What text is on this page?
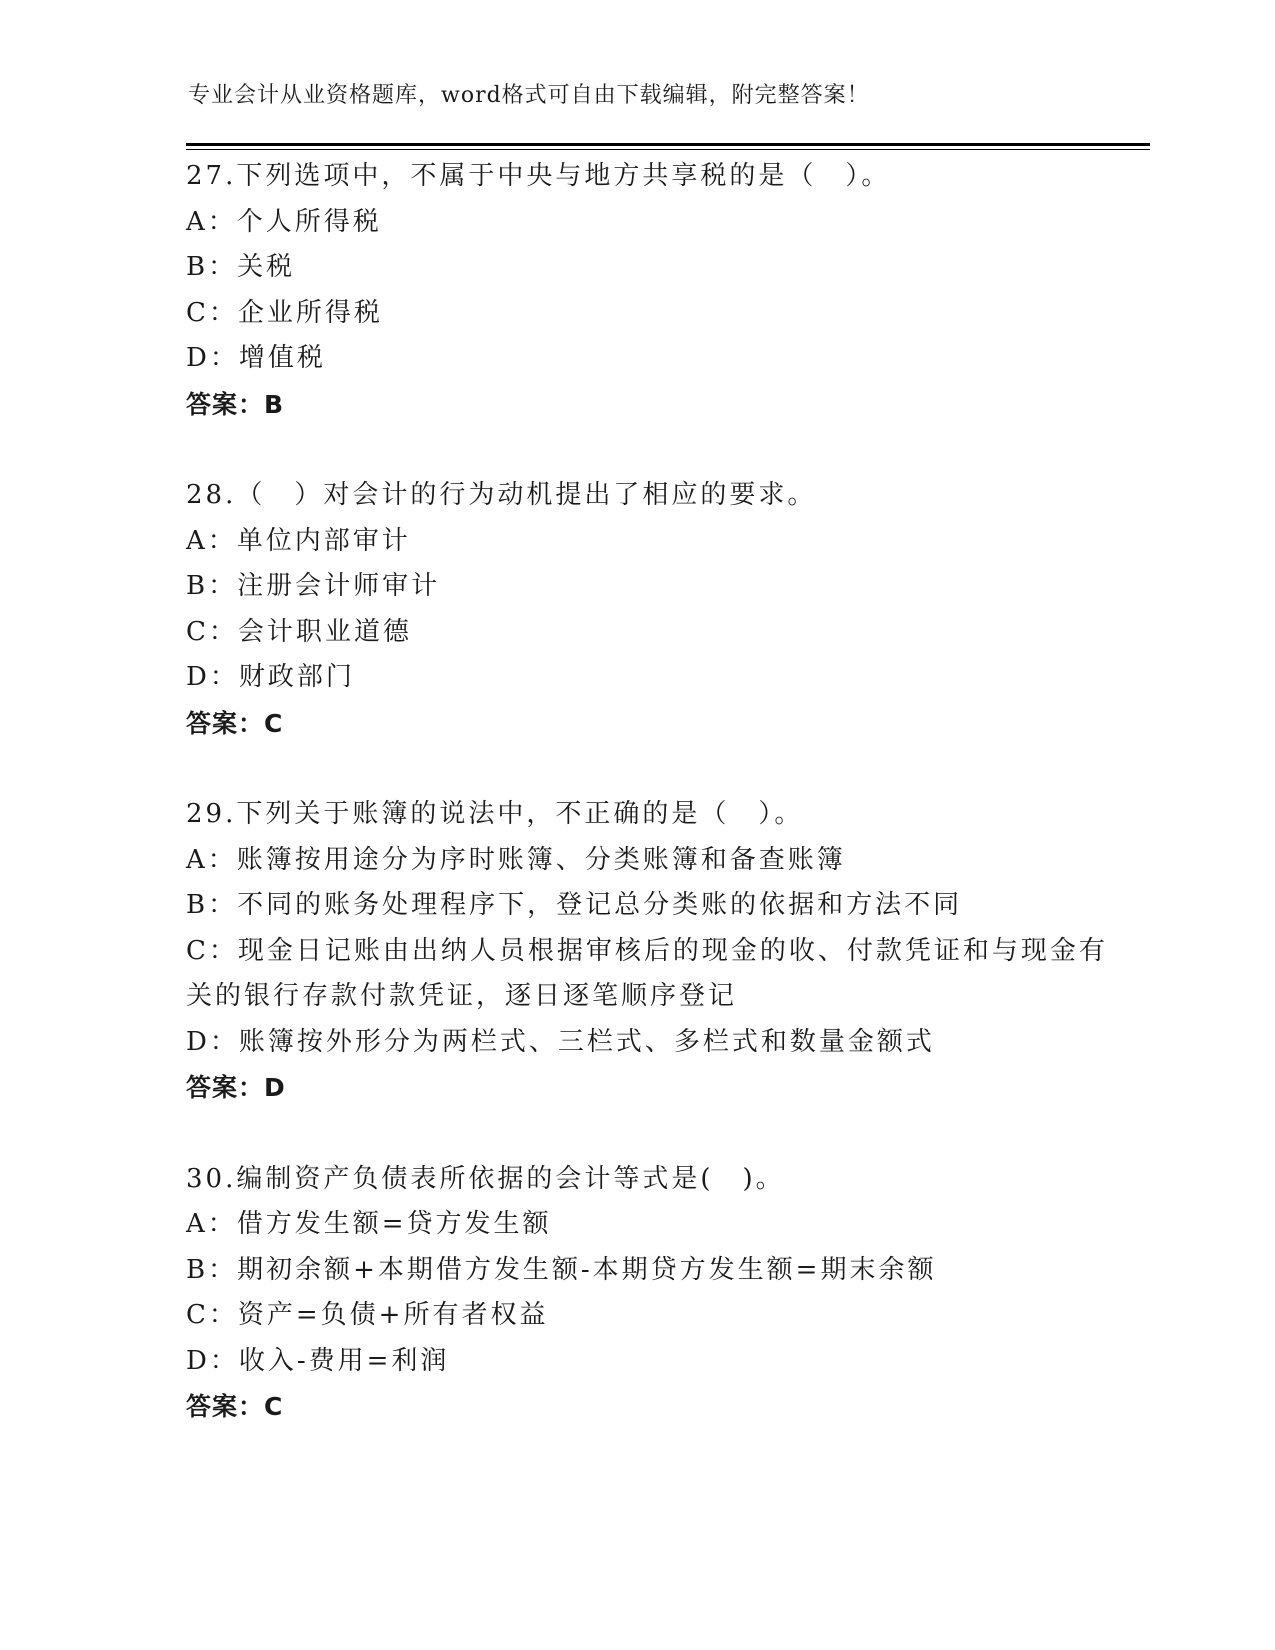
专业会计从业资格题库，word格式可自由下载编辑，附完整答案！
27.下列选项中，不属于中央与地方共享税的是（　）。
A：个人所得税
B：关税
C：企业所得税
D：增值税
答案：B
28.（　）对会计的行为动机提出了相应的要求。
A：单位内部审计
B：注册会计师审计
C：会计职业道德
D：财政部门
答案：C
29.下列关于账簿的说法中，不正确的是（　）。
A：账簿按用途分为序时账簿、分类账簿和备查账簿
B：不同的账务处理程序下，登记总分类账的依据和方法不同
C：现金日记账由出纳人员根据审核后的现金的收、付款凭证和与现金有关的银行存款付款凭证，逐日逐笔顺序登记
D：账簿按外形分为两栏式、三栏式、多栏式和数量金额式
答案：D
30.编制资产负债表所依据的会计等式是(　)。
A：借方发生额=贷方发生额
B：期初余额+本期借方发生额-本期贷方发生额=期末余额
C：资产=负债+所有者权益
D：收入-费用=利润
答案：C
